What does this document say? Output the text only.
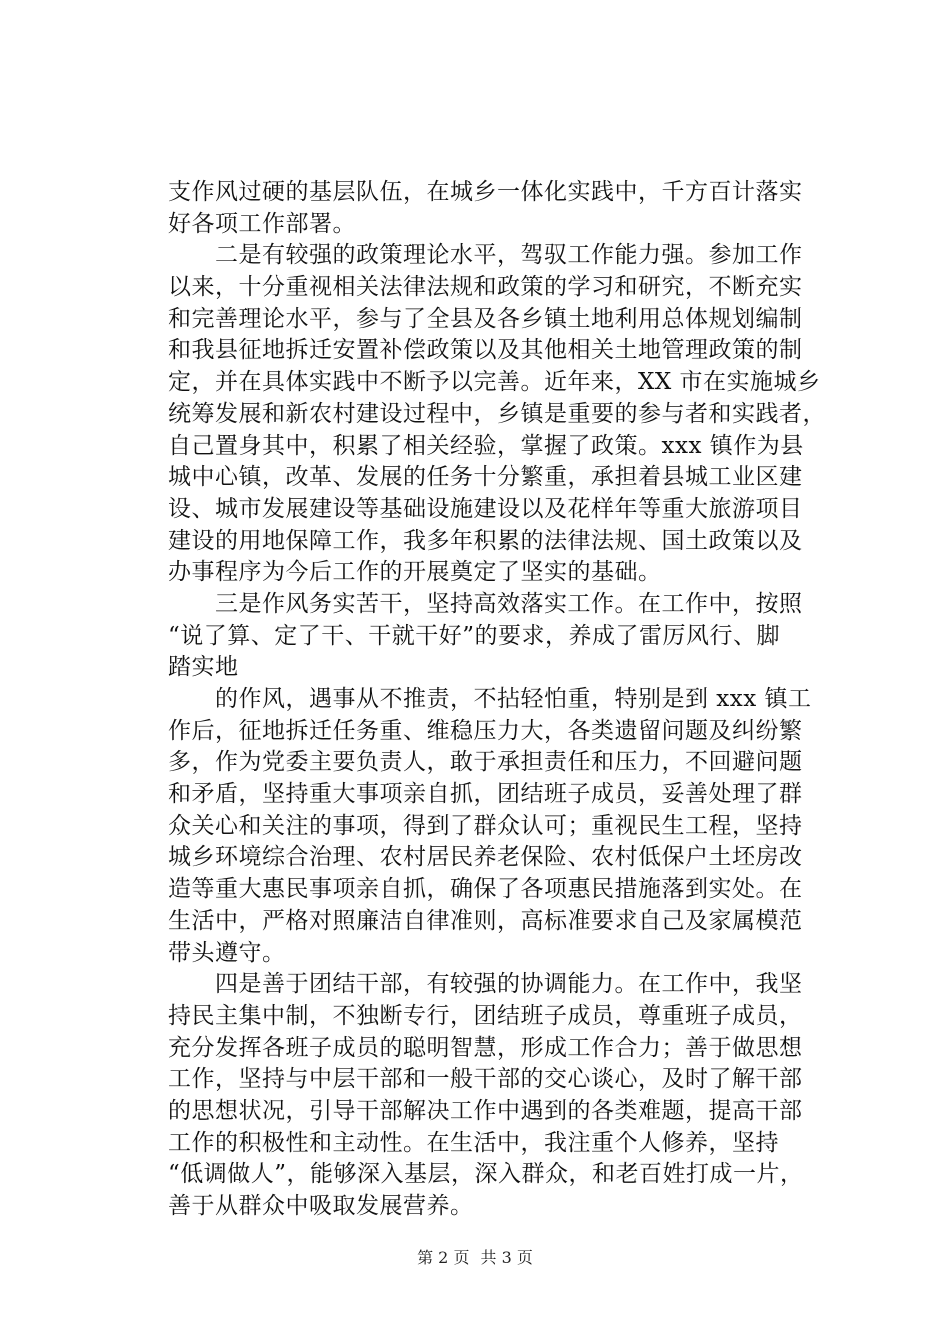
支作风过硬的基层队伍，在城乡一体化实践中，千方百计落实
好各项工作部署。
二是有较强的政策理论水平，驾驭工作能力强。参加工作
以来，十分重视相关法律法规和政策的学习和研究，不断充实
和完善理论水平，参与了全县及各乡镇土地利用总体规划编制
和我县征地拆迁安置补偿政策以及其他相关土地管理政策的制
定，并在具体实践中不断予以完善。近年来，XX 市在实施城乡
统筹发展和新农村建设过程中，乡镇是重要的参与者和实践者，
自己置身其中，积累了相关经验，掌握了政策。xxx 镇作为县
城中心镇，改革、发展的任务十分繁重，承担着县城工业区建
设、城市发展建设等基础设施建设以及花样年等重大旅游项目
建设的用地保障工作，我多年积累的法律法规、国土政策以及
办事程序为今后工作的开展奠定了坚实的基础。
三是作风务实苦干，坚持高效落实工作。在工作中，按照
“说了算、定了干、干就干好”的要求，养成了雷厉风行、脚
踏实地
的作风，遇事从不推责，不拈轻怕重，特别是到 xxx 镇工
作后，征地拆迁任务重、维稳压力大，各类遗留问题及纠纷繁
多，作为党委主要负责人，敢于承担责任和压力，不回避问题
和矛盾，坚持重大事项亲自抓，团结班子成员，妥善处理了群
众关心和关注的事项，得到了群众认可；重视民生工程，坚持
城乡环境综合治理、农村居民养老保险、农村低保户土坯房改
造等重大惠民事项亲自抓，确保了各项惠民措施落到实处。在
生活中，严格对照廉洁自律准则，高标准要求自己及家属模范
带头遵守。
四是善于团结干部，有较强的协调能力。在工作中，我坚
持民主集中制，不独断专行，团结班子成员，尊重班子成员，
充分发挥各班子成员的聪明智慧，形成工作合力；善于做思想
工作，坚持与中层干部和一般干部的交心谈心，及时了解干部
的思想状况，引导干部解决工作中遇到的各类难题，提高干部
工作的积极性和主动性。在生活中，我注重个人修养，坚持
“低调做人”，能够深入基层，深入群众，和老百姓打成一片，
善于从群众中吸取发展营养。
第 2 页 共 3 页
